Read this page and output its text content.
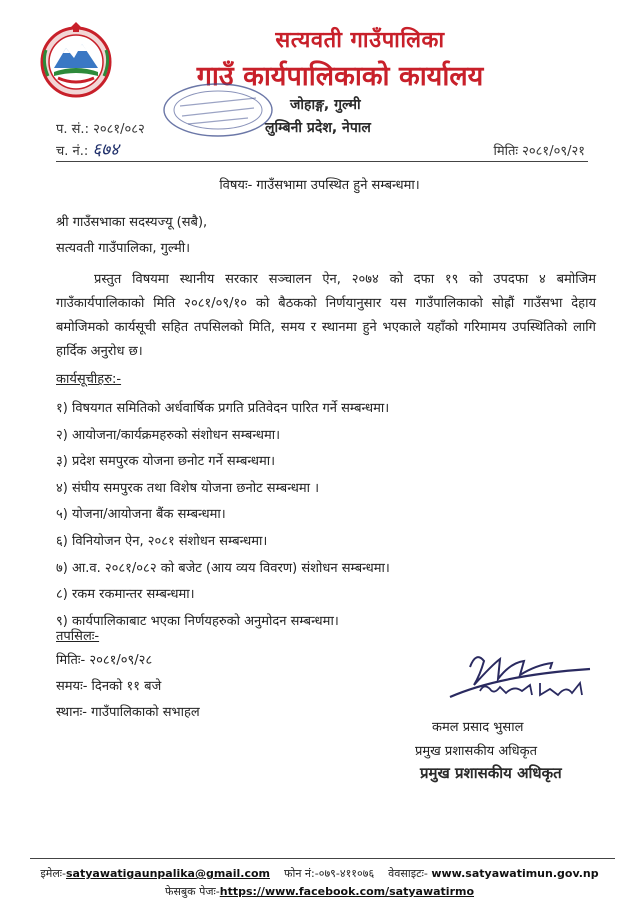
सत्यवती गाउँपालिका
गाउँ कार्यपालिकाको कार्यालय
जोहाङ्ग, गुल्मी
लुम्बिनी प्रदेश, नेपाल
प. सं.: २०८१/०८२
च. नं.: ६७४	मितिः २०८१/०९/२१
विषयः- गाउँसभामा उपस्थित हुने सम्बन्धमा।
श्री गाउँसभाका सदस्यज्यू (सबै),
सत्यवती गाउँपालिका, गुल्मी।

प्रस्तुत विषयमा स्थानीय सरकार सञ्चालन ऐन, २०७४ को दफा १९ को उपदफा ४ बमोजिम गाउँकार्यपालिकाको मिति २०८१/०९/१० को बैठकको निर्णयानुसार यस गाउँपालिकाको सोह्रौं गाउँसभा देहाय बमोजिमको कार्यसूची सहित तपसिलको मिति, समय र स्थानमा हुने भएकाले यहाँको गरिमामय उपस्थितिको लागि हार्दिक अनुरोध छ।

कार्यसूचीहरु:-
१) विषयगत समितिको अर्धवार्षिक प्रगति प्रतिवेदन पारित गर्ने सम्बन्धमा।
२) आयोजना/कार्यक्रमहरुको संशोधन सम्बन्धमा।
३) प्रदेश समपुरक योजना छनोट गर्ने सम्बन्धमा।
४) संघीय समपुरक तथा विशेष योजना छनोट सम्बन्धमा ।
५) योजना/आयोजना बैंक सम्बन्धमा।
६) विनियोजन ऐन, २०८१ संशोधन सम्बन्धमा।
७) आ.व. २०८१/०८२ को बजेट (आय व्यय विवरण) संशोधन सम्बन्धमा।
८) रकम रकमान्तर सम्बन्धमा।
९) कार्यपालिकाबाट भएका निर्णयहरुको अनुमोदन सम्बन्धमा।
तपसिलः-
मितिः- २०८१/०९/२८
समयः- दिनको ११ बजे
स्थानः- गाउँपालिकाको सभाहल
कमल प्रसाद भुसाल
प्रमुख प्रशासकीय अधिकृत
प्रमुख प्रशासकीय अधिकृत
इमेलः-satyawatigaunpalika@gmail.com फोन नं:-०७९-४११०७६ वेवसाइटः- www.satyawatimun.gov.np
फेसबुक पेजः-https://www.facebook.com/satyawatirmo
